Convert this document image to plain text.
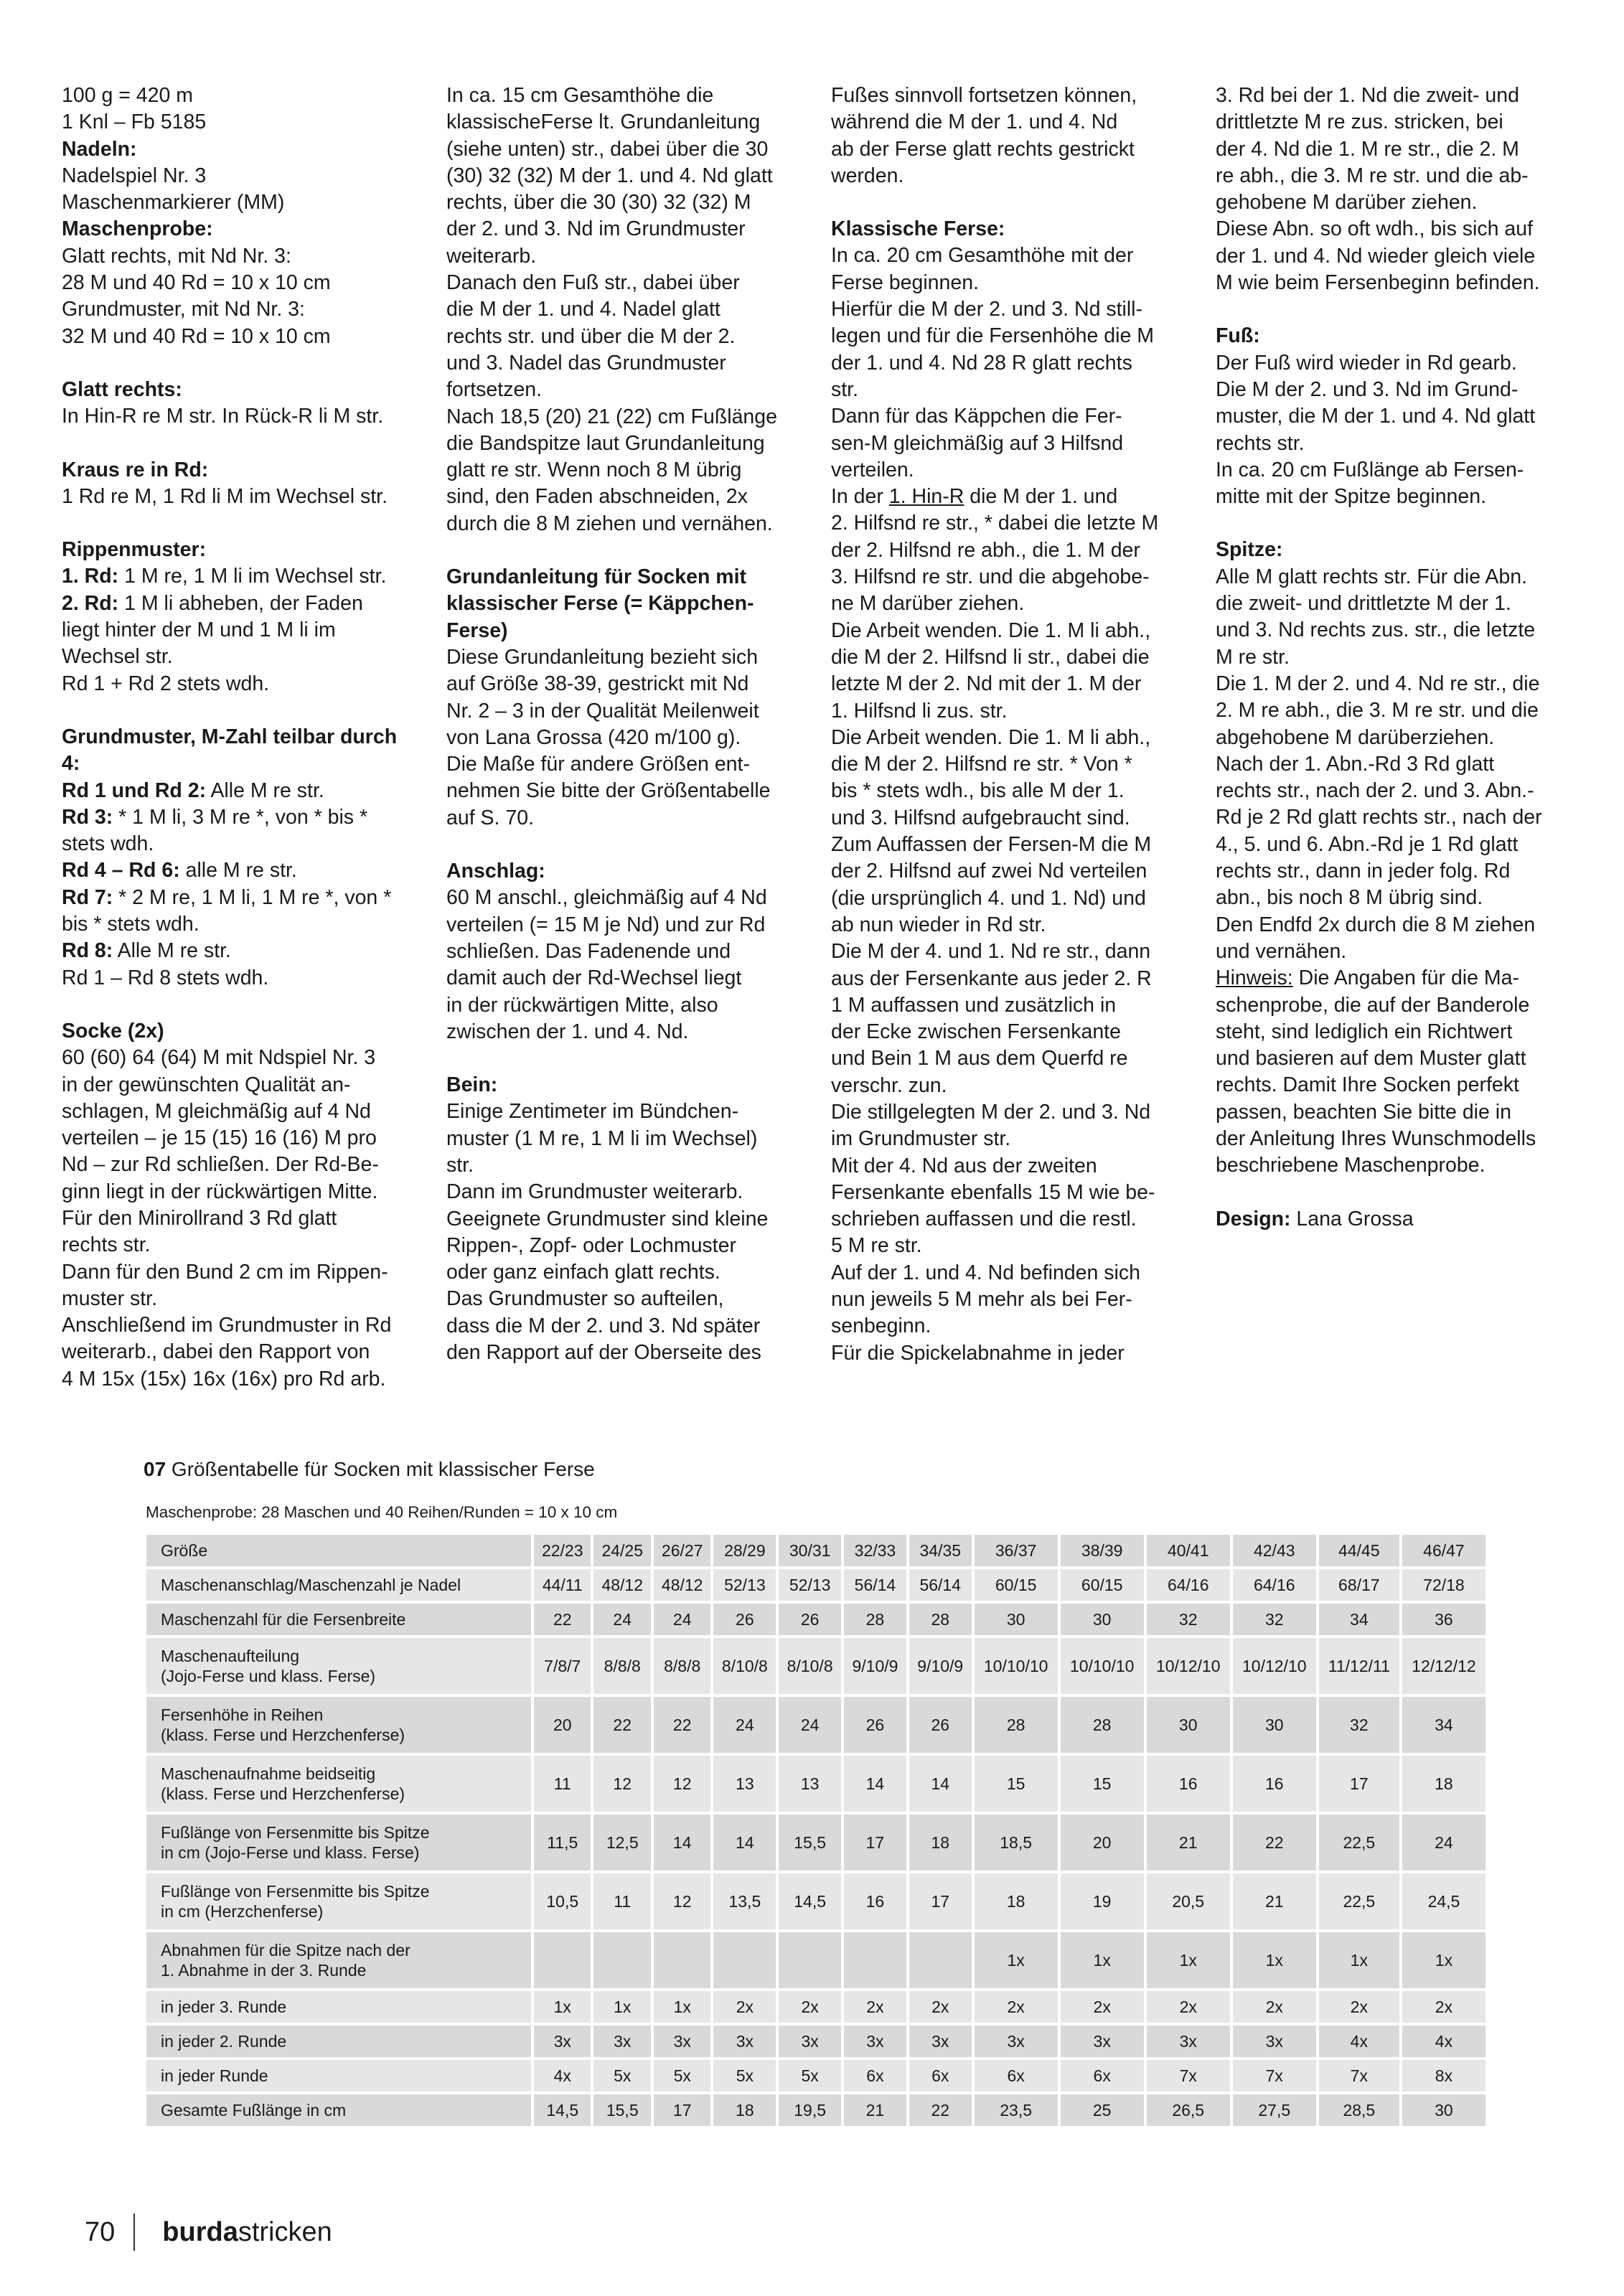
100 g = 420 m

1 Knl – Fb 5185

Nadeln:

Nadelspiel Nr. 3

Maschenmarkierer (MM)

Maschenprobe:

Glatt rechts, mit Nd Nr. 3:

28 M und 40 Rd = 10 x 10 cm

Grundmuster, mit Nd Nr. 3:

32 M und 40 Rd = 10 x 10 cm

Glatt rechts:

In Hin-R re M str. In Rück-R li M str.

Kraus re in Rd:

1 Rd re M, 1 Rd li M im Wechsel str.

Rippenmuster:

1. Rd: 1 M re, 1 M li im Wechsel str.

2. Rd: 1 M li abheben, der Faden

liegt hinter der M und 1 M li im

Wechsel str.

Rd 1 + Rd 2 stets wdh.

Grundmuster, M-Zahl teilbar durch 4:

Rd 1 und Rd 2: Alle M re str.

Rd 3: * 1 M li, 3 M re *, von * bis *

stets wdh.

Rd 4 – Rd 6: alle M re str.

Rd 7: * 2 M re, 1 M li, 1 M re *, von *

bis * stets wdh.

Rd 8: Alle M re str.

Rd 1 – Rd 8 stets wdh.

Socke (2x)

60 (60) 64 (64) M mit Ndspiel Nr. 3

in der gewünschten Qualität an-

schlagen, M gleichmäßig auf 4 Nd

verteilen – je 15 (15) 16 (16) M pro

Nd – zur Rd schließen. Der Rd-Be-

ginn liegt in der rückwärtigen Mitte.

Für den Minirollrand 3 Rd glatt

rechts str.

Dann für den Bund 2 cm im Rippen-

muster str.

Anschließend im Grundmuster in Rd

weiterarb., dabei den Rapport von

4 M 15x (15x) 16x (16x) pro Rd arb.

In ca. 15 cm Gesamthöhe die

klassischeFerse lt. Grundanleitung

(siehe unten) str., dabei über die 30

(30) 32 (32) M der 1. und 4. Nd glatt

rechts, über die 30 (30) 32 (32) M

der 2. und 3. Nd im Grundmuster

weiterarb.

Danach den Fuß str., dabei über

die M der 1. und 4. Nadel glatt

rechts str. und über die M der 2.

und 3. Nadel das Grundmuster

fortsetzen.

Nach 18,5 (20) 21 (22) cm Fußlänge

die Bandspitze laut Grundanleitung

glatt re str. Wenn noch 8 M übrig

sind, den Faden abschneiden, 2x

durch die 8 M ziehen und vernähen.

Grundanleitung für Socken mit

klassischer Ferse (= Käppchen-

Ferse)

Diese Grundanleitung bezieht sich

auf Größe 38-39, gestrickt mit Nd

Nr. 2 – 3 in der Qualität Meilenweit

von Lana Grossa (420 m/100 g).

Die Maße für andere Größen ent-

nehmen Sie bitte der Größentabelle

auf S. 70.

Anschlag:

60 M anschl., gleichmäßig auf 4 Nd

verteilen (= 15 M je Nd) und zur Rd

schließen. Das Fadenende und

damit auch der Rd-Wechsel liegt

in der rückwärtigen Mitte, also

zwischen der 1. und 4. Nd.

Bein:

Einige Zentimeter im Bündchen-

muster (1 M re, 1 M li im Wechsel)

str.

Dann im Grundmuster weiterarb.

Geeignete Grundmuster sind kleine

Rippen-, Zopf- oder Lochmuster

oder ganz einfach glatt rechts.

Das Grundmuster so aufteilen,

dass die M der 2. und 3. Nd später

den Rapport auf der Oberseite des

Fußes sinnvoll fortsetzen können,

während die M der 1. und 4. Nd

ab der Ferse glatt rechts gestrickt

werden.

Klassische Ferse:

In ca. 20 cm Gesamthöhe mit der

Ferse beginnen.

Hierfür die M der 2. und 3. Nd still-

legen und für die Fersenhöhe die M

der 1. und 4. Nd 28 R glatt rechts

str.

Dann für das Käppchen die Fer-

sen-M gleichmäßig auf 3 Hilfsnd

verteilen.

In der 1. Hin-R die M der 1. und

2. Hilfsnd re str., * dabei die letzte M

der 2. Hilfsnd re abh., die 1. M der

3. Hilfsnd re str. und die abgehobe-

ne M darüber ziehen.

Die Arbeit wenden. Die 1. M li abh.,

die M der 2. Hilfsnd li str., dabei die

letzte M der 2. Nd mit der 1. M der

1. Hilfsnd li zus. str.

Die Arbeit wenden. Die 1. M li abh.,

die M der 2. Hilfsnd re str. * Von *

bis * stets wdh., bis alle M der 1.

und 3. Hilfsnd aufgebraucht sind.

Zum Auffassen der Fersen-M die M

der 2. Hilfsnd auf zwei Nd verteilen

(die ursprünglich 4. und 1. Nd) und

ab nun wieder in Rd str.

Die M der 4. und 1. Nd re str., dann

aus der Fersenkante aus jeder 2. R

1 M auffassen und zusätzlich in

der Ecke zwischen Fersenkante

und Bein 1 M aus dem Querfd re

verschr. zun.

Die stillgelegten M der 2. und 3. Nd

im Grundmuster str.

Mit der 4. Nd aus der zweiten

Fersenkante ebenfalls 15 M wie be-

schrieben auffassen und die restl.

5 M re str.

Auf der 1. und 4. Nd befinden sich

nun jeweils 5 M mehr als bei Fer-

senbeginn.

Für die Spickelabnahme in jeder

3. Rd bei der 1. Nd die zweit- und

drittletzte M re zus. stricken, bei

der 4. Nd die 1. M re str., die 2. M

re abh., die 3. M re str. und die ab-

gehobene M darüber ziehen.

Diese Abn. so oft wdh., bis sich auf

der 1. und 4. Nd wieder gleich viele

M wie beim Fersenbeginn befinden.

Fuß:

Der Fuß wird wieder in Rd gearb.

Die M der 2. und 3. Nd im Grund-

muster, die M der 1. und 4. Nd glatt

rechts str.

In ca. 20 cm Fußlänge ab Fersen-

mitte mit der Spitze beginnen.

Spitze:

Alle M glatt rechts str. Für die Abn.

die zweit- und drittletzte M der 1.

und 3. Nd rechts zus. str., die letzte

M re str.

Die 1. M der 2. und 4. Nd re str., die

2. M re abh., die 3. M re str. und die

abgehobene M darüberziehen.

Nach der 1. Abn.-Rd 3 Rd glatt

rechts str., nach der 2. und 3. Abn.-

Rd je 2 Rd glatt rechts str., nach der

4., 5. und 6. Abn.-Rd je 1 Rd glatt

rechts str., dann in jeder folg. Rd

abn., bis noch 8 M übrig sind.

Den Endfd 2x durch die 8 M ziehen

und vernähen.

Hinweis: Die Angaben für die Ma-

schenprobe, die auf der Banderole

steht, sind lediglich ein Richtwert

und basieren auf dem Muster glatt

rechts. Damit Ihre Socken perfekt

passen, beachten Sie bitte die in

der Anleitung Ihres Wunschmodells

beschriebene Maschenprobe.

Design: Lana Grossa

07 Größentabelle für Socken mit klassischer Ferse
Maschenprobe: 28 Maschen und 40 Reihen/Runden = 10 x 10 cm
Größe	22/23	24/25	26/27	28/29	30/31	32/33	34/35	36/37	38/39	40/41	42/43	44/45	46/47

Maschenanschlag/Maschenzahl je Nadel	44/11	48/12	48/12	52/13	52/13	56/14	56/14	60/15	60/15	64/16	64/16	68/17	72/18

Maschenzahl für die Fersenbreite	22	24	24	26	26	28	28	30	30	32	32	34	36

Maschenaufteilung
(Jojo-Ferse und klass. Ferse)	7/8/7	8/8/8	8/8/8	8/10/8	8/10/8	9/10/9	9/10/9	10/10/10	10/10/10	10/12/10	10/12/10	11/12/11	12/12/12

Fersenhöhe in Reihen
(klass. Ferse und Herzchenferse)	20	22	22	24	24	26	26	28	28	30	30	32	34

Maschenaufnahme beidseitig
(klass. Ferse und Herzchenferse)	11	12	12	13	13	14	14	15	15	16	16	17	18

Fußlänge von Fersenmitte bis Spitze
in cm (Jojo-Ferse und klass. Ferse)	11,5	12,5	14	14	15,5	17	18	18,5	20	21	22	22,5	24

Fußlänge von Fersenmitte bis Spitze
in cm (Herzchenferse)	10,5	11	12	13,5	14,5	16	17	18	19	20,5	21	22,5	24,5

Abnahmen für die Spitze nach der
1. Abnahme in der 3. Runde								1x	1x	1x	1x	1x	1x

in jeder 3. Runde	1x	1x	1x	2x	2x	2x	2x	2x	2x	2x	2x	2x	2x

in jeder 2. Runde	3x	3x	3x	3x	3x	3x	3x	3x	3x	3x	3x	4x	4x

in jeder Runde	4x	5x	5x	5x	5x	6x	6x	6x	6x	7x	7x	7x	8x

Gesamte Fußlänge in cm	14,5	15,5	17	18	19,5	21	22	23,5	25	26,5	27,5	28,5	30
70 burdastricken
